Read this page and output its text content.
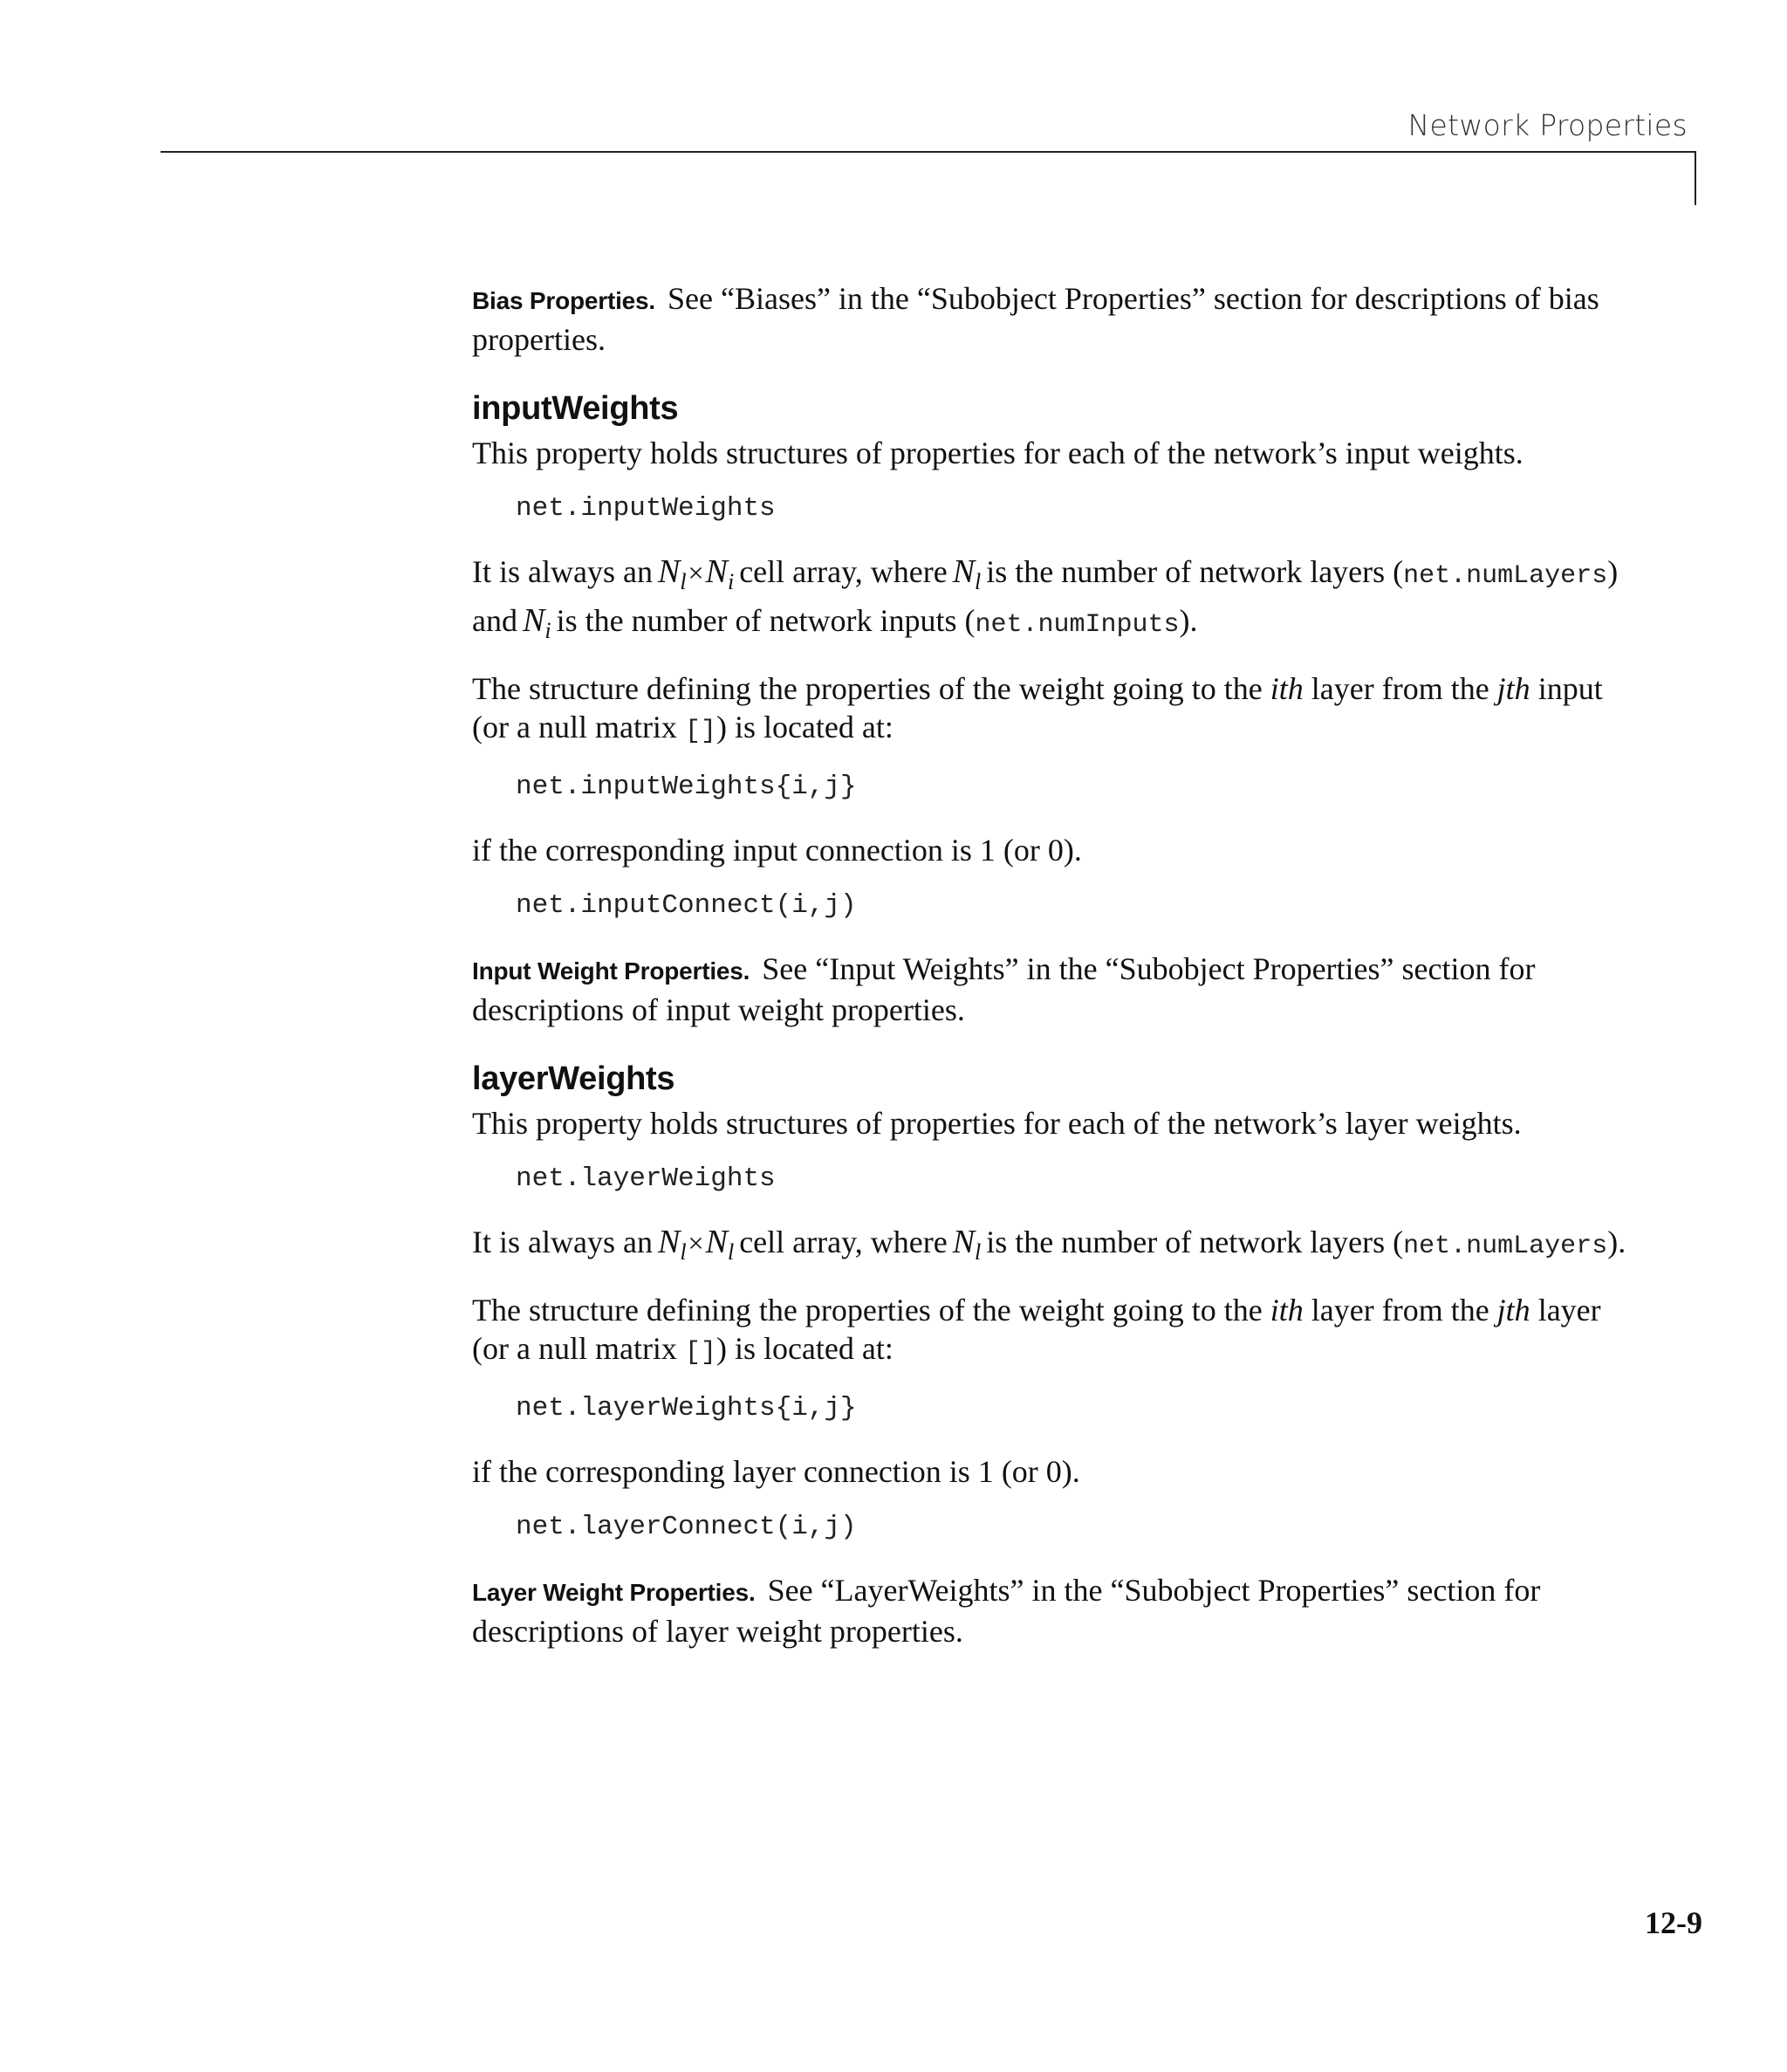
Network Properties

Bias Properties. See “Biases” in the “Subobject Properties” section for descriptions of bias properties.

inputWeights

This property holds structures of properties for each of the network’s input weights.

net.inputWeights

It is always an $N_l\times N_i$ cell array, where $N_l$ is the number of network layers (net.numLayers) and $N_i$ is the number of network inputs (net.numInputs).

The structure defining the properties of the weight going to the ith layer from the jth input (or a null matrix []) is located at:

net.inputWeights{i,j}

if the corresponding input connection is 1 (or 0).

net.inputConnect(i,j)

Input Weight Properties. See “Input Weights” in the “Subobject Properties” section for descriptions of input weight properties.

layerWeights

This property holds structures of properties for each of the network’s layer weights.

net.layerWeights

It is always an $N_l\times N_l$ cell array, where $N_l$ is the number of network layers (net.numLayers).

The structure defining the properties of the weight going to the ith layer from the jth layer (or a null matrix []) is located at:

net.layerWeights{i,j}

if the corresponding layer connection is 1 (or 0).

net.layerConnect(i,j)

Layer Weight Properties. See “LayerWeights” in the “Subobject Properties” section for descriptions of layer weight properties.

12-9
